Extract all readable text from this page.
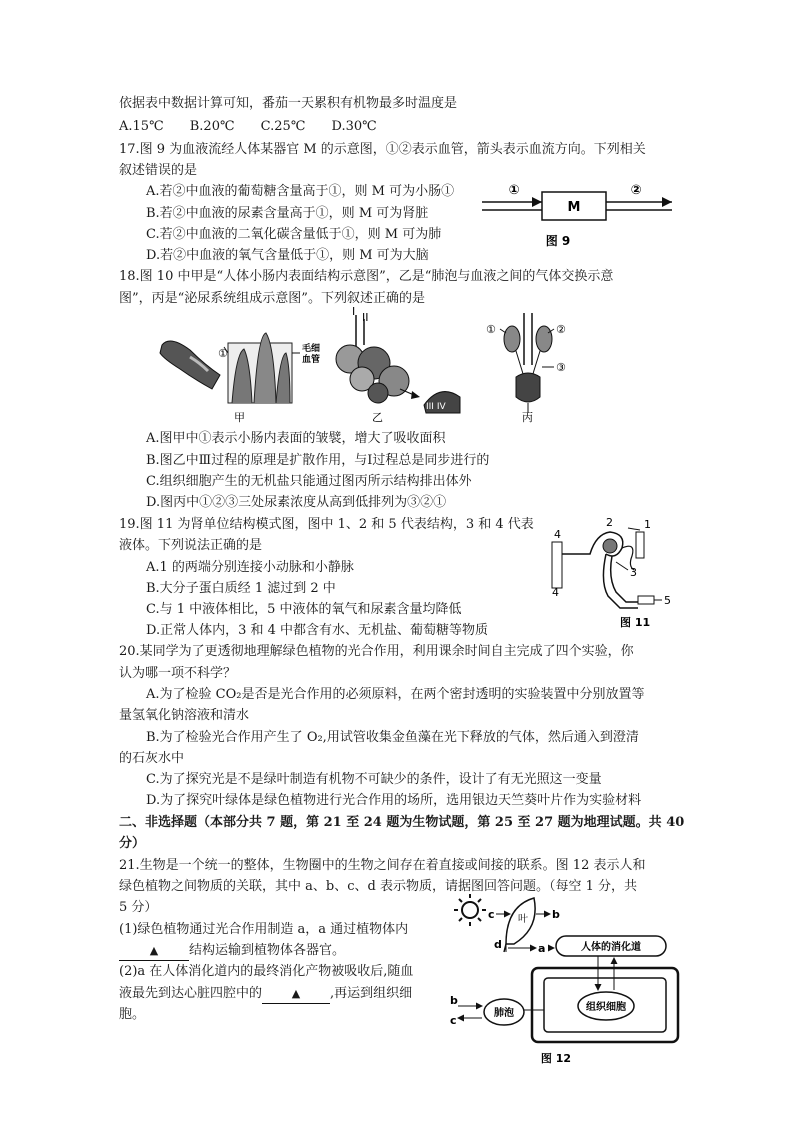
依据表中数据计算可知，番茄一天累积有机物最多时温度是
A.15℃ B.20℃ C.25℃ D.30℃
17.图 9 为血液流经人体某器官 M 的示意图，①②表示血管，箭头表示血流方向。下列相关
叙述错误的是
A.若②中血液的葡萄糖含量高于①，则 M 可为小肠①
B.若②中血液的尿素含量高于①，则 M 可为肾脏
C.若②中血液的二氧化碳含量低于①，则 M 可为肺
D.若②中血液的氧气含量低于①，则 M 可为大脑
①	②
M
图 9
18.图 10 中甲是“人体小肠内表面结构示意图”，乙是“肺泡与血液之间的气体交换示意
图”，丙是“泌尿系统组成示意图”。下列叙述正确的是
①	毛细
血管
甲
I II
III IV
乙
①	②
③
丙
A.图甲中①表示小肠内表面的皱襞，增大了吸收面积
B.图乙中Ⅲ过程的原理是扩散作用，与Ⅰ过程总是同步进行的
C.组织细胞产生的无机盐只能通过图丙所示结构排出体外
D.图丙中①②③三处尿素浓度从高到低排列为③②①
19.图 11 为肾单位结构模式图，图中 1、2 和 5 代表结构，3 和 4 代表
液体。下列说法正确的是
A.1 的两端分别连接小动脉和小静脉
B.大分子蛋白质经 1 滤过到 2 中
C.与 1 中液体相比，5 中液体的氧气和尿素含量均降低
D.正常人体内，3 和 4 中都含有水、无机盐、葡萄糖等物质
4
4
2	1
3
5
图 11
20.某同学为了更透彻地理解绿色植物的光合作用，利用课余时间自主完成了四个实验，你
认为哪一项不科学？
A.为了检验 CO₂是否是光合作用的必须原料，在两个密封透明的实验装置中分别放置等
量氢氧化钠溶液和清水
B.为了检验光合作用产生了 O₂,用试管收集金鱼藻在光下释放的气体，然后通入到澄清
的石灰水中
C.为了探究光是不是绿叶制造有机物不可缺少的条件，设计了有无光照这一变量
D.为了探究叶绿体是绿色植物进行光合作用的场所，选用银边天竺葵叶片作为实验材料
二、非选择题（本部分共 7 题，第 21 至 24 题为生物试题，第 25 至 27 题为地理试题。共 40
分）
21.生物是一个统一的整体，生物圈中的生物之间存在着直接或间接的联系。图 12 表示人和
绿色植物之间物质的关联，其中 a、b、c、d 表示物质，请据图回答问题。（每空 1 分，共
5 分）
(1)绿色植物通过光合作用制造 a，a 通过植物体内
▲ 结构运输到植物体各器官。
(2)a 在人体消化道内的最终消化产物被吸收后,随血
液最先到达心脏四腔中的	▲ ,再运到组织细
胞。
叶
c	b
d	a	人体的消化道
组织细胞
肺泡
b
c
图 12
